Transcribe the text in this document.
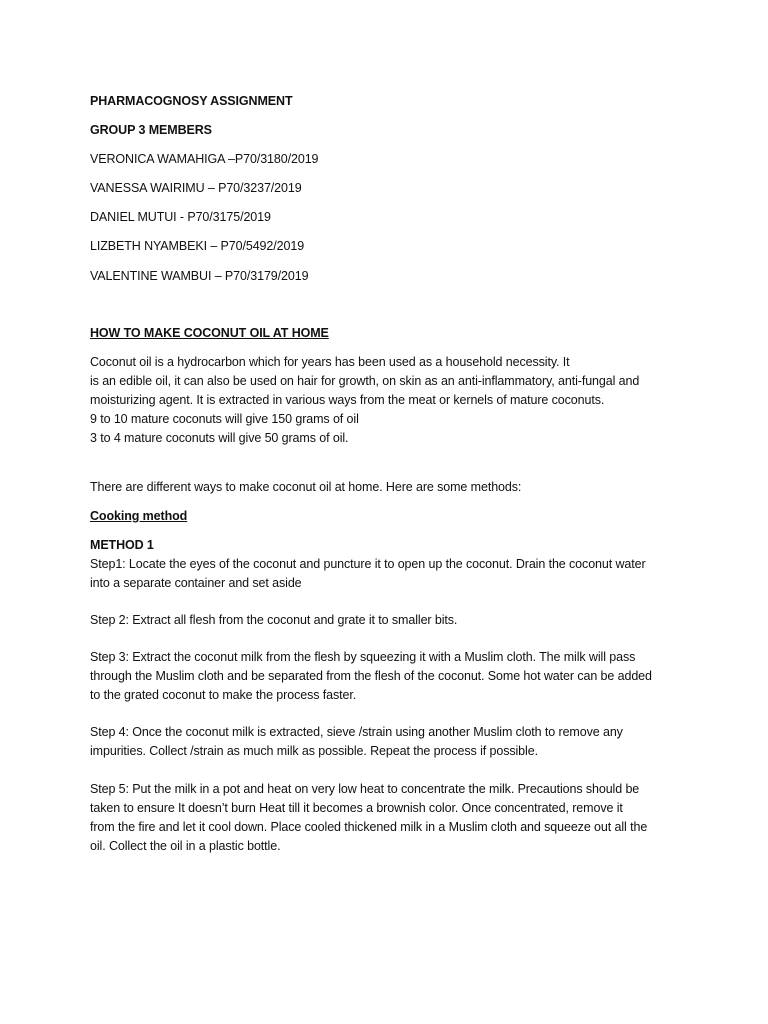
PHARMACOGNOSY ASSIGNMENT
GROUP 3 MEMBERS
VERONICA WAMAHIGA –P70/3180/2019
VANESSA WAIRIMU – P70/3237/2019
DANIEL MUTUI - P70/3175/2019
LIZBETH NYAMBEKI – P70/5492/2019
VALENTINE WAMBUI – P70/3179/2019
HOW TO MAKE COCONUT OIL AT HOME
Coconut oil is a hydrocarbon which for years has been used as a household necessity. It
is an edible oil, it can also be used on hair for growth, on skin as an anti-inflammatory, anti-fungal and
moisturizing agent. It is extracted in various ways from the meat or kernels of mature coconuts.
9 to 10 mature coconuts will give 150 grams of oil
3 to 4 mature coconuts will give 50 grams of oil.
There are different ways to make coconut oil at home. Here are some methods:
Cooking method
METHOD 1
Step1: Locate the eyes of the coconut and puncture it to open up the coconut. Drain the coconut water
into a separate container and set aside
Step 2: Extract all flesh from the coconut and grate it to smaller bits.
Step 3: Extract the coconut milk from the flesh by squeezing it with a Muslim cloth. The milk will pass
through the Muslim cloth and be separated from the flesh of the coconut. Some hot water can be added
to the grated coconut to make the process faster.
Step 4: Once the coconut milk is extracted, sieve /strain using another Muslim cloth to remove any
impurities. Collect /strain as much milk as possible. Repeat the process if possible.
Step 5: Put the milk in a pot and heat on very low heat to concentrate the milk. Precautions should be
taken to ensure It doesn’t burn Heat till it becomes a brownish color. Once concentrated, remove it
from the fire and let it cool down. Place cooled thickened milk in a Muslim cloth and squeeze out all the
oil. Collect the oil in a plastic bottle.
